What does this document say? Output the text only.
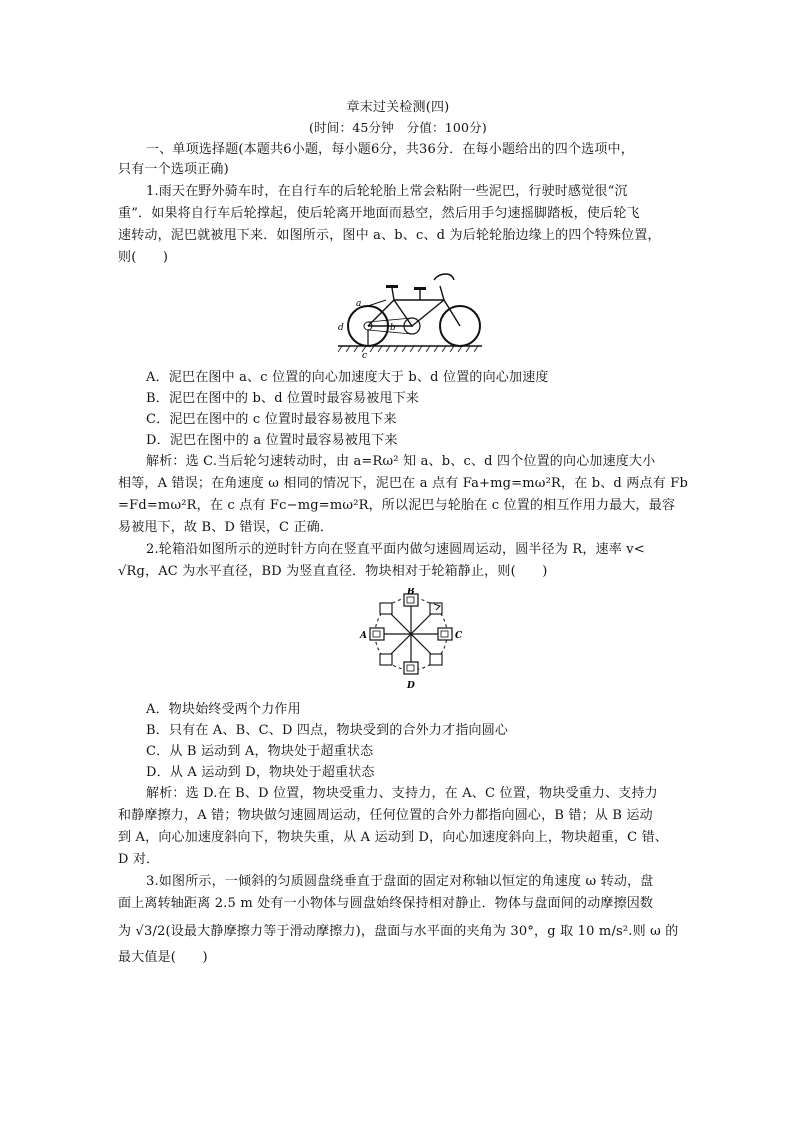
章末过关检测(四)
(时间：45分钟　分值：100分)
一、单项选择题(本题共6小题，每小题6分，共36分．在每小题给出的四个选项中，
只有一个选项正确)
1.雨天在野外骑车时，在自行车的后轮轮胎上常会粘附一些泥巴，行驶时感觉很“沉
重”．如果将自行车后轮撑起，使后轮离开地面而悬空，然后用手匀速摇脚踏板，使后轮飞
速转动，泥巴就被甩下来．如图所示，图中 a、b、c、d 为后轮轮胎边缘上的四个特殊位置，
则(　　)
a
b
c
d
A．泥巴在图中 a、c 位置的向心加速度大于 b、d 位置的向心加速度
B．泥巴在图中的 b、d 位置时最容易被甩下来
C．泥巴在图中的 c 位置时最容易被甩下来
D．泥巴在图中的 a 位置时最容易被甩下来
解析：选 C.当后轮匀速转动时，由 a=Rω² 知 a、b、c、d 四个位置的向心加速度大小
相等，A 错误；在角速度 ω 相同的情况下，泥巴在 a 点有 Fa+mg=mω²R，在 b、d 两点有 Fb
=Fd=mω²R，在 c 点有 Fc−mg=mω²R，所以泥巴与轮胎在 c 位置的相互作用力最大，最容
易被甩下，故 B、D 错误，C 正确．
2.轮箱沿如图所示的逆时针方向在竖直平面内做匀速圆周运动，圆半径为 R，速率 v<
√Rg，AC 为水平直径，BD 为竖直直径．物块相对于轮箱静止，则(　　)
B
A	C
D
A．物块始终受两个力作用
B．只有在 A、B、C、D 四点，物块受到的合外力才指向圆心
C．从 B 运动到 A，物块处于超重状态
D．从 A 运动到 D，物块处于超重状态
解析：选 D.在 B、D 位置，物块受重力、支持力，在 A、C 位置，物块受重力、支持力
和静摩擦力，A 错；物块做匀速圆周运动，任何位置的合外力都指向圆心，B 错；从 B 运动
到 A，向心加速度斜向下，物块失重，从 A 运动到 D，向心加速度斜向上，物块超重，C 错、
D 对．
3.如图所示，一倾斜的匀质圆盘绕垂直于盘面的固定对称轴以恒定的角速度 ω 转动，盘
面上离转轴距离 2.5 m 处有一小物体与圆盘始终保持相对静止．物体与盘面间的动摩擦因数
为 √3/2(设最大静摩擦力等于滑动摩擦力)，盘面与水平面的夹角为 30°，g 取 10 m/s².则 ω 的
最大值是(　　)
